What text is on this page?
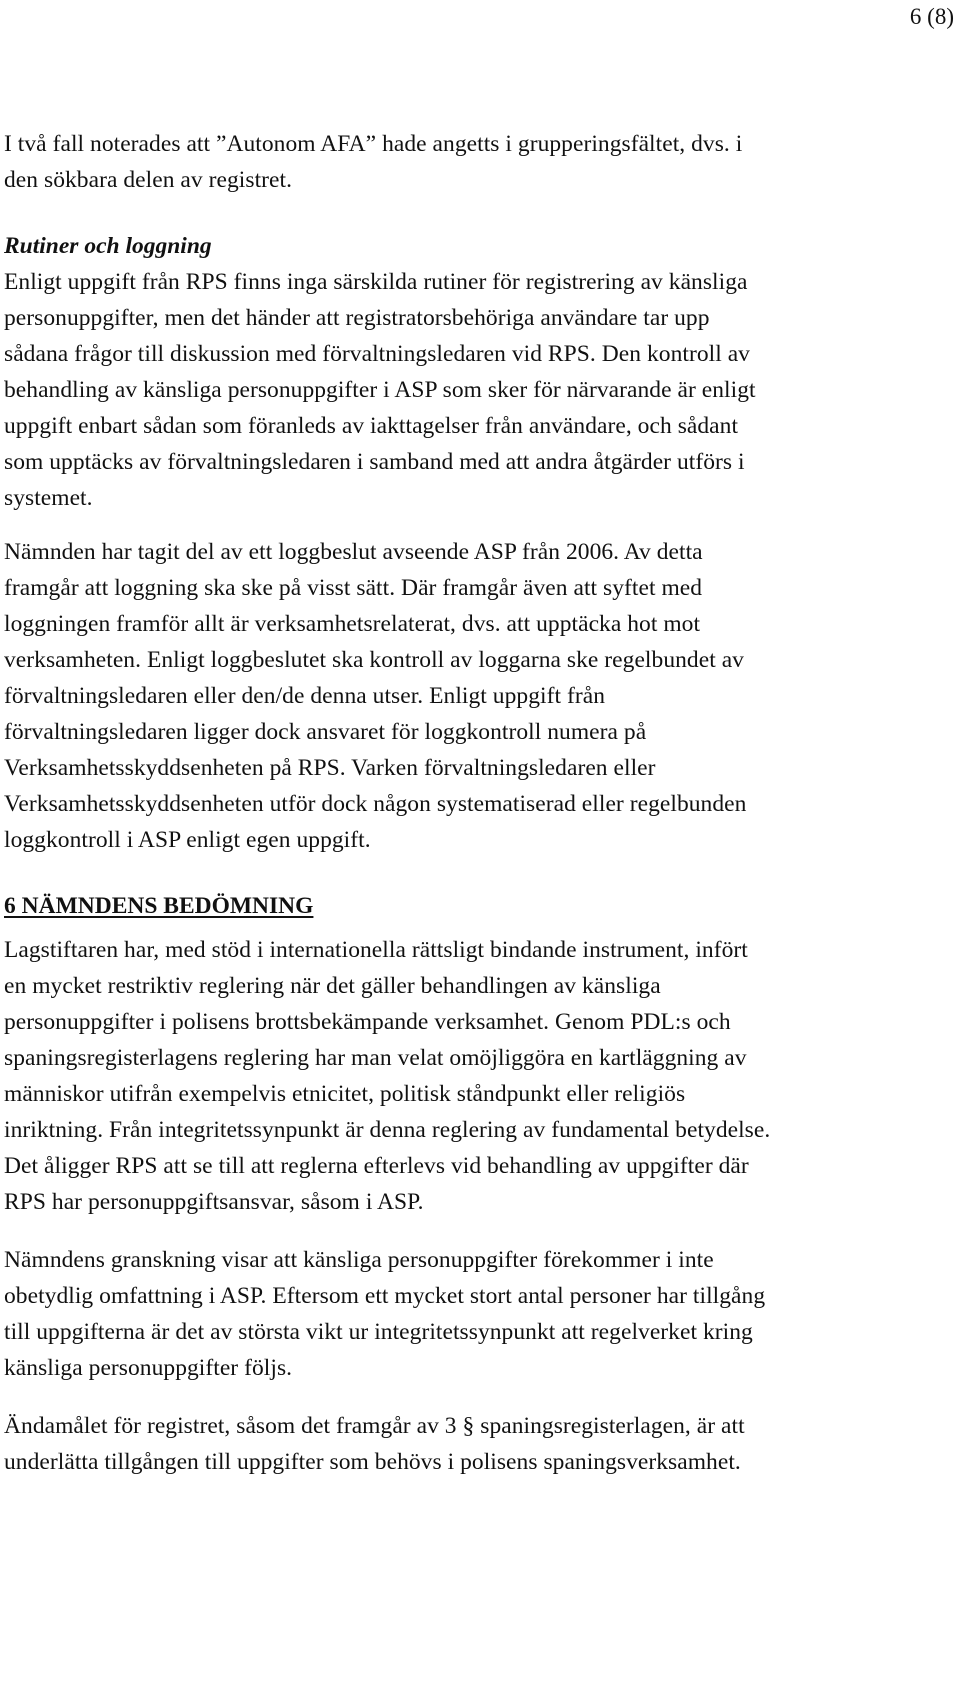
6 (8)

I två fall noterades att ”Autonom AFA” hade angetts i grupperingsfältet, dvs. i
den sökbara delen av registret.

Rutiner och loggning

Enligt uppgift från RPS finns inga särskilda rutiner för registrering av känsliga
personuppgifter, men det händer att registratorsbehöriga användare tar upp
sådana frågor till diskussion med förvaltningsledaren vid RPS. Den kontroll av
behandling av känsliga personuppgifter i ASP som sker för närvarande är enligt
uppgift enbart sådan som föranleds av iakttagelser från användare, och sådant
som upptäcks av förvaltningsledaren i samband med att andra åtgärder utförs i
systemet.

Nämnden har tagit del av ett loggbeslut avseende ASP från 2006. Av detta
framgår att loggning ska ske på visst sätt. Där framgår även att syftet med
loggningen framför allt är verksamhetsrelaterat, dvs. att upptäcka hot mot
verksamheten. Enligt loggbeslutet ska kontroll av loggarna ske regelbundet av
förvaltningsledaren eller den/de denna utser. Enligt uppgift från
förvaltningsledaren ligger dock ansvaret för loggkontroll numera på
Verksamhetsskyddsenheten på RPS. Varken förvaltningsledaren eller
Verksamhetsskyddsenheten utför dock någon systematiserad eller regelbunden
loggkontroll i ASP enligt egen uppgift.

6 NÄMNDENS BEDÖMNING

Lagstiftaren har, med stöd i internationella rättsligt bindande instrument, infört
en mycket restriktiv reglering när det gäller behandlingen av känsliga
personuppgifter i polisens brottsbekämpande verksamhet. Genom PDL:s och
spaningsregisterlagens reglering har man velat omöjliggöra en kartläggning av
människor utifrån exempelvis etnicitet, politisk ståndpunkt eller religiös
inriktning. Från integritetssynpunkt är denna reglering av fundamental betydelse.
Det åligger RPS att se till att reglerna efterlevs vid behandling av uppgifter där
RPS har personuppgiftsansvar, såsom i ASP.

Nämndens granskning visar att känsliga personuppgifter förekommer i inte
obetydlig omfattning i ASP. Eftersom ett mycket stort antal personer har tillgång
till uppgifterna är det av största vikt ur integritetssynpunkt att regelverket kring
känsliga personuppgifter följs.

Ändamålet för registret, såsom det framgår av 3 § spaningsregisterlagen, är att
underlätta tillgången till uppgifter som behövs i polisens spaningsverksamhet.
